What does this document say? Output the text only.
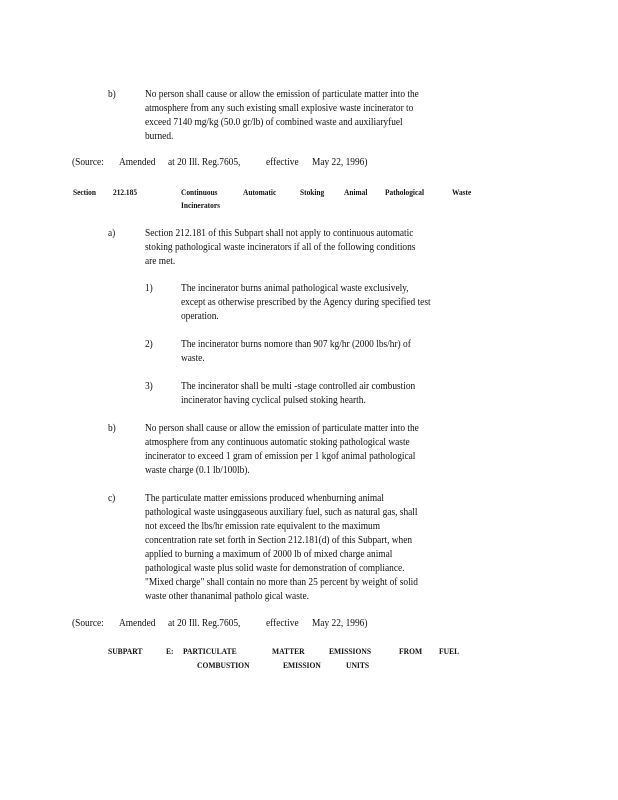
b)	No person shall cause or allow the emission of particulate matter into the
atmosphere from any such existing small explosive waste incinerator to
exceed 7140 mg/kg (50.0 gr/lb) of combined waste and auxiliaryfuel
burned.
(Source: Amended at 20 Ill. Reg.7605,	effective May 22, 1996)
Section 212.185	Continuous	Automatic	Stoking Animal Pathological	Waste
Incinerators
a)	Section 212.181 of this Subpart shall not apply to continuous automatic
stoking pathological waste incinerators if all of the following conditions
are met.
1)	The incinerator burns animal pathological waste exclusively,
except as otherwise prescribed by the Agency during specified test
operation.
2)	The incinerator burns nomore than 907 kg/hr (2000 lbs/hr) of
waste.
3)	The incinerator shall be multi -stage controlled air combustion
incinerator having cyclical pulsed stoking hearth.
b)	No person shall cause or allow the emission of particulate matter into the
atmosphere from any continuous automatic stoking pathological waste
incinerator to exceed 1 gram of emission per 1 kgof animal pathological
waste charge (0.1 lb/100lb).
c)	The particulate matter emissions produced whenburning animal
pathological waste usinggaseous auxiliary fuel, such as natural gas, shall
not exceed the lbs/hr emission rate equivalent to the maximum
concentration rate set forth in Section 212.181(d) of this Subpart, when
applied to burning a maximum of 2000 lb of mixed charge animal
pathological waste plus solid waste for demonstration of compliance.
"Mixed charge" shall contain no more than 25 percent by weight of solid
waste other thananimal patholo gical waste.
(Source: Amended at 20 Ill. Reg.7605,	effective May 22, 1996)
SUBPART	E: PARTICULATE	MATTER	EMISSIONS	FROM FUEL
COMBUSTION	EMISSION	UNITS
